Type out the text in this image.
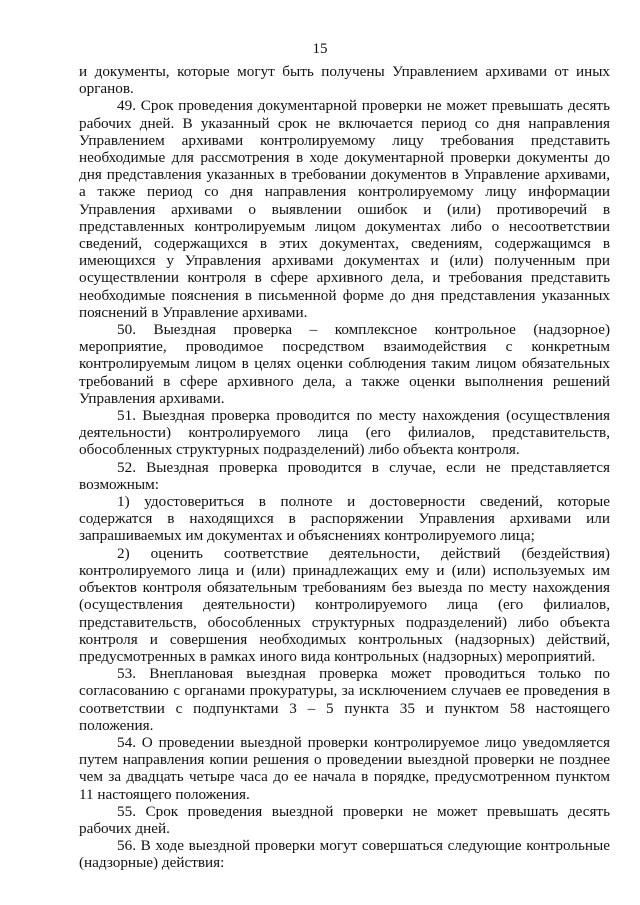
15

и документы, которые могут быть получены Управлением архивами от иных органов.

49. Срок проведения документарной проверки не может превышать десять рабочих дней. В указанный срок не включается период со дня направления Управлением архивами контролируемому лицу требования представить необходимые для рассмотрения в ходе документарной проверки документы до дня представления указанных в требовании документов в Управление архивами, а также период со дня направления контролируемому лицу информации Управления архивами о выявлении ошибок и (или) противоречий в представленных контролируемым лицом документах либо о несоответствии сведений, содержащихся в этих документах, сведениям, содержащимся в имеющихся у Управления архивами документах и (или) полученным при осуществлении контроля в сфере архивного дела, и требования представить необходимые пояснения в письменной форме до дня представления указанных пояснений в Управление архивами.

50. Выездная проверка – комплексное контрольное (надзорное) мероприятие, проводимое посредством взаимодействия с конкретным контролируемым лицом в целях оценки соблюдения таким лицом обязательных требований в сфере архивного дела, а также оценки выполнения решений Управления архивами.

51. Выездная проверка проводится по месту нахождения (осуществления деятельности) контролируемого лица (его филиалов, представительств, обособленных структурных подразделений) либо объекта контроля.

52. Выездная проверка проводится в случае, если не представляется возможным:

1) удостовериться в полноте и достоверности сведений, которые содержатся в находящихся в распоряжении Управления архивами или запрашиваемых им документах и объяснениях контролируемого лица;

2) оценить соответствие деятельности, действий (бездействия) контролируемого лица и (или) принадлежащих ему и (или) используемых им объектов контроля обязательным требованиям без выезда по месту нахождения (осуществления деятельности) контролируемого лица (его филиалов, представительств, обособленных структурных подразделений) либо объекта контроля и совершения необходимых контрольных (надзорных) действий, предусмотренных в рамках иного вида контрольных (надзорных) мероприятий.

53. Внеплановая выездная проверка может проводиться только по согласованию с органами прокуратуры, за исключением случаев ее проведения в соответствии с подпунктами 3 – 5 пункта 35 и пунктом 58 настоящего положения.

54. О проведении выездной проверки контролируемое лицо уведомляется путем направления копии решения о проведении выездной проверки не позднее чем за двадцать четыре часа до ее начала в порядке, предусмотренном пунктом 11 настоящего положения.

55. Срок проведения выездной проверки не может превышать десять рабочих дней.

56. В ходе выездной проверки могут совершаться следующие контрольные (надзорные) действия:
